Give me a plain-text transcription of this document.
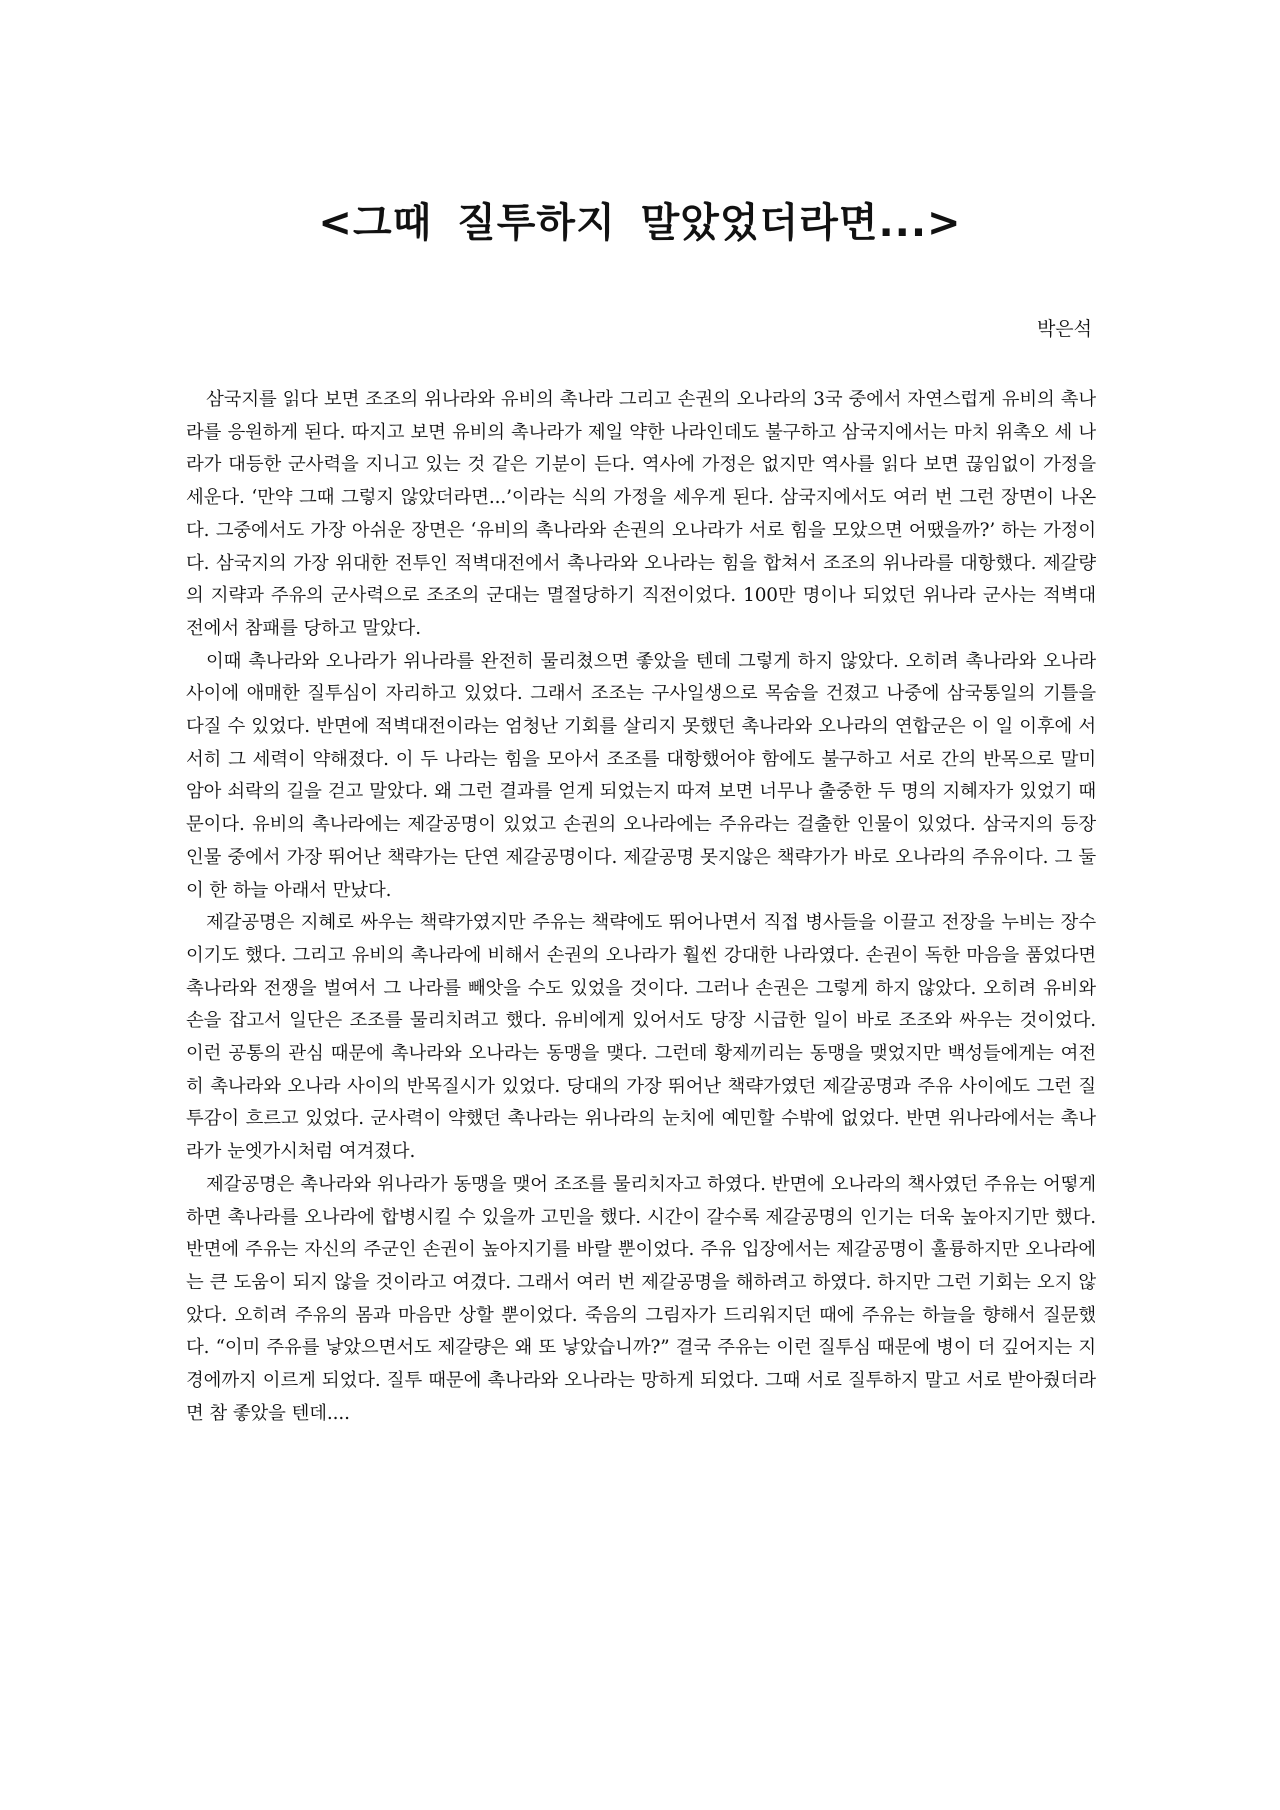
<그때 질투하지 말았었더라면...>
박은석

삼국지를 읽다 보면 조조의 위나라와 유비의 촉나라 그리고 손권의 오나라의 3국 중에서 자연스럽게 유비의 촉나라를 응원하게 된다. 따지고 보면 유비의 촉나라가 제일 약한 나라인데도 불구하고 삼국지에서는 마치 위촉오 세 나라가 대등한 군사력을 지니고 있는 것 같은 기분이 든다. 역사에 가정은 없지만 역사를 읽다 보면 끊임없이 가정을 세운다. ‘만약 그때 그렇지 않았더라면...’이라는 식의 가정을 세우게 된다. 삼국지에서도 여러 번 그런 장면이 나온다. 그중에서도 가장 아쉬운 장면은 ‘유비의 촉나라와 손권의 오나라가 서로 힘을 모았으면 어땠을까?’ 하는 가정이다. 삼국지의 가장 위대한 전투인 적벽대전에서 촉나라와 오나라는 힘을 합쳐서 조조의 위나라를 대항했다. 제갈량의 지략과 주유의 군사력으로 조조의 군대는 멸절당하기 직전이었다. 100만 명이나 되었던 위나라 군사는 적벽대전에서 참패를 당하고 말았다.

이때 촉나라와 오나라가 위나라를 완전히 물리쳤으면 좋았을 텐데 그렇게 하지 않았다. 오히려 촉나라와 오나라 사이에 애매한 질투심이 자리하고 있었다. 그래서 조조는 구사일생으로 목숨을 건졌고 나중에 삼국통일의 기틀을 다질 수 있었다. 반면에 적벽대전이라는 엄청난 기회를 살리지 못했던 촉나라와 오나라의 연합군은 이 일 이후에 서서히 그 세력이 약해졌다. 이 두 나라는 힘을 모아서 조조를 대항했어야 함에도 불구하고 서로 간의 반목으로 말미암아 쇠락의 길을 걷고 말았다. 왜 그런 결과를 얻게 되었는지 따져 보면 너무나 출중한 두 명의 지혜자가 있었기 때문이다. 유비의 촉나라에는 제갈공명이 있었고 손권의 오나라에는 주유라는 걸출한 인물이 있었다. 삼국지의 등장인물 중에서 가장 뛰어난 책략가는 단연 제갈공명이다. 제갈공명 못지않은 책략가가 바로 오나라의 주유이다. 그 둘이 한 하늘 아래서 만났다.

제갈공명은 지혜로 싸우는 책략가였지만 주유는 책략에도 뛰어나면서 직접 병사들을 이끌고 전장을 누비는 장수이기도 했다. 그리고 유비의 촉나라에 비해서 손권의 오나라가 훨씬 강대한 나라였다. 손권이 독한 마음을 품었다면 촉나라와 전쟁을 벌여서 그 나라를 빼앗을 수도 있었을 것이다. 그러나 손권은 그렇게 하지 않았다. 오히려 유비와 손을 잡고서 일단은 조조를 물리치려고 했다. 유비에게 있어서도 당장 시급한 일이 바로 조조와 싸우는 것이었다. 이런 공통의 관심 때문에 촉나라와 오나라는 동맹을 맺다. 그런데 황제끼리는 동맹을 맺었지만 백성들에게는 여전히 촉나라와 오나라 사이의 반목질시가 있었다. 당대의 가장 뛰어난 책략가였던 제갈공명과 주유 사이에도 그런 질투감이 흐르고 있었다. 군사력이 약했던 촉나라는 위나라의 눈치에 예민할 수밖에 없었다. 반면 위나라에서는 촉나라가 눈엣가시처럼 여겨졌다.

제갈공명은 촉나라와 위나라가 동맹을 맺어 조조를 물리치자고 하였다. 반면에 오나라의 책사였던 주유는 어떻게 하면 촉나라를 오나라에 합병시킬 수 있을까 고민을 했다. 시간이 갈수록 제갈공명의 인기는 더욱 높아지기만 했다. 반면에 주유는 자신의 주군인 손권이 높아지기를 바랄 뿐이었다. 주유 입장에서는 제갈공명이 훌륭하지만 오나라에는 큰 도움이 되지 않을 것이라고 여겼다. 그래서 여러 번 제갈공명을 해하려고 하였다. 하지만 그런 기회는 오지 않았다. 오히려 주유의 몸과 마음만 상할 뿐이었다. 죽음의 그림자가 드리워지던 때에 주유는 하늘을 향해서 질문했다. “이미 주유를 낳았으면서도 제갈량은 왜 또 낳았습니까?” 결국 주유는 이런 질투심 때문에 병이 더 깊어지는 지경에까지 이르게 되었다. 질투 때문에 촉나라와 오나라는 망하게 되었다. 그때 서로 질투하지 말고 서로 받아줬더라면 참 좋았을 텐데....
